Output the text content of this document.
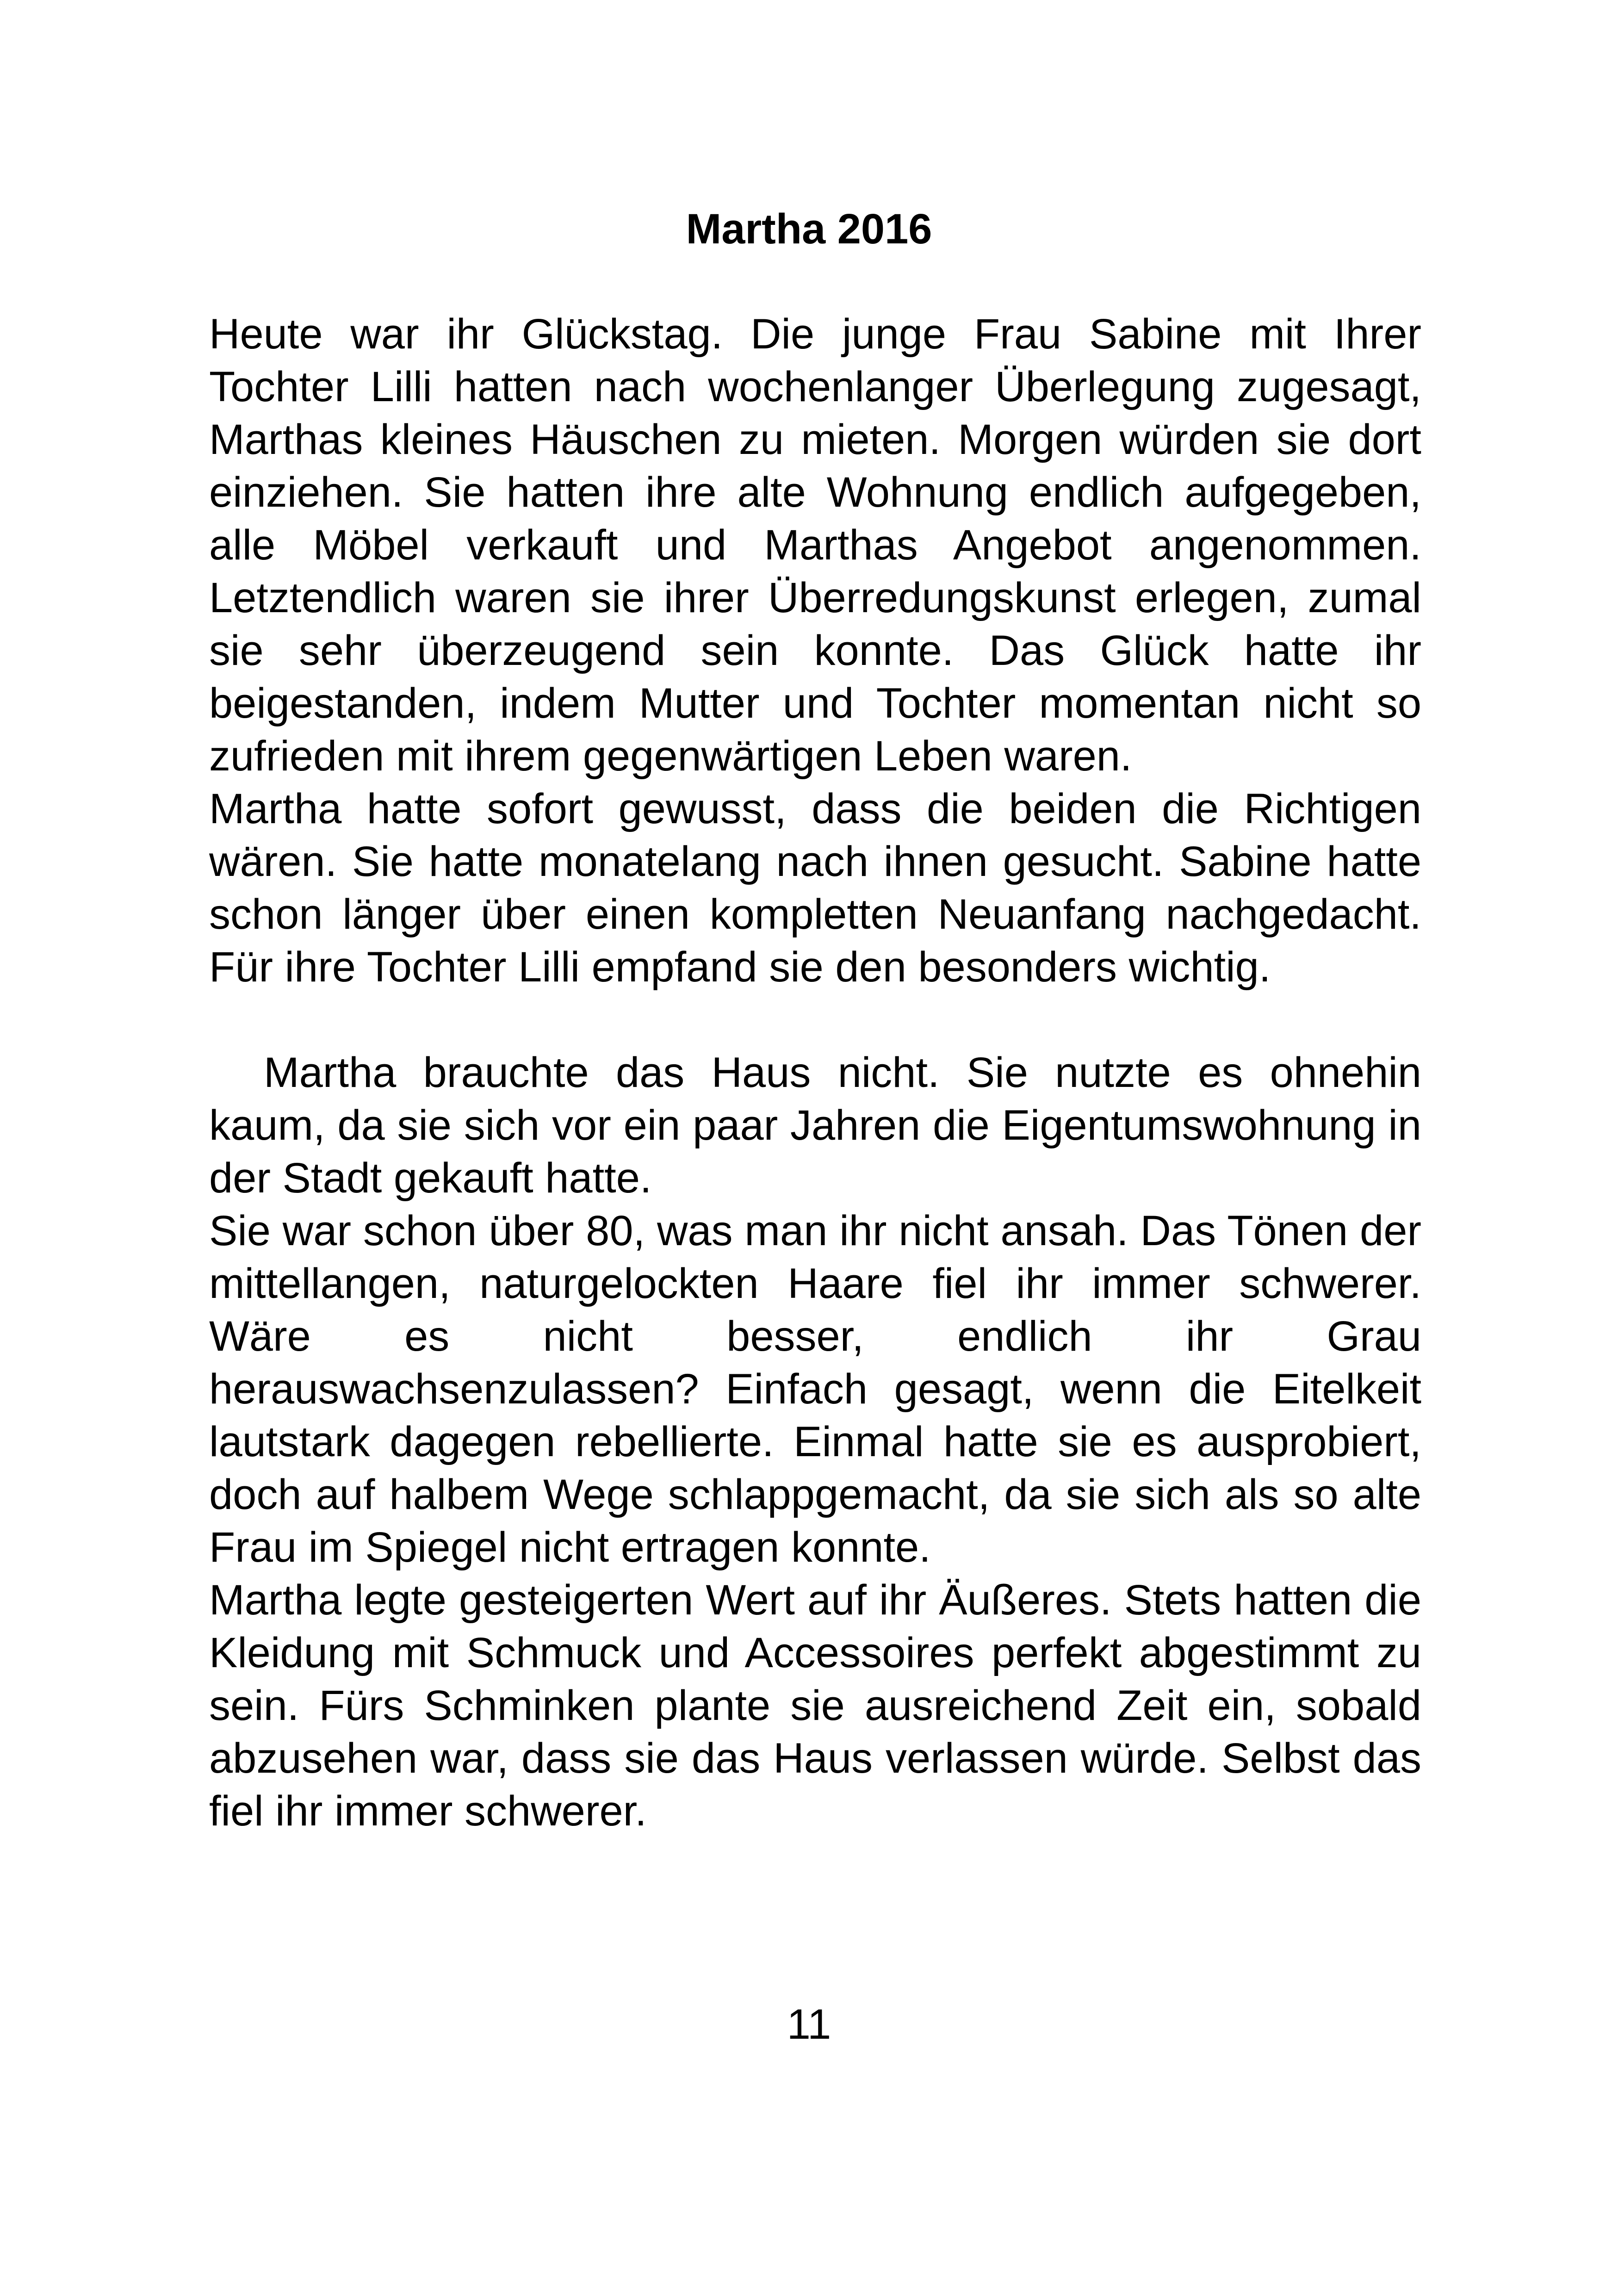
Martha 2016

Heute war ihr Glückstag. Die junge Frau Sabine mit Ihrer Tochter Lilli hatten nach wochenlanger Überlegung zugesagt, Marthas kleines Häuschen zu mieten. Morgen würden sie dort einziehen. Sie hatten ihre alte Wohnung endlich aufgegeben, alle Möbel verkauft und Marthas Angebot angenommen. Letztendlich waren sie ihrer Überredungskunst erlegen, zumal sie sehr überzeugend sein konnte. Das Glück hatte ihr beigestanden, indem Mutter und Tochter momentan nicht so zufrieden mit ihrem gegenwärtigen Leben waren.

Martha hatte sofort gewusst, dass die beiden die Richtigen wären. Sie hatte monatelang nach ihnen gesucht. Sabine hatte schon länger über einen kompletten Neuanfang nachgedacht. Für ihre Tochter Lilli empfand sie den besonders wichtig.

Martha brauchte das Haus nicht. Sie nutzte es ohnehin kaum, da sie sich vor ein paar Jahren die Eigentumswohnung in der Stadt gekauft hatte.

Sie war schon über 80, was man ihr nicht ansah. Das Tönen der mittellangen, naturgelockten Haare fiel ihr immer schwerer. Wäre es nicht besser, endlich ihr Grau herauswachsenzulassen? Einfach gesagt, wenn die Eitelkeit lautstark dagegen rebellierte. Einmal hatte sie es ausprobiert, doch auf halbem Wege schlappgemacht, da sie sich als so alte Frau im Spiegel nicht ertragen konnte.

Martha legte gesteigerten Wert auf ihr Äußeres. Stets hatten die Kleidung mit Schmuck und Accessoires perfekt abgestimmt zu sein. Fürs Schminken plante sie ausreichend Zeit ein, sobald abzusehen war, dass sie das Haus verlassen würde. Selbst das fiel ihr immer schwerer.

11
